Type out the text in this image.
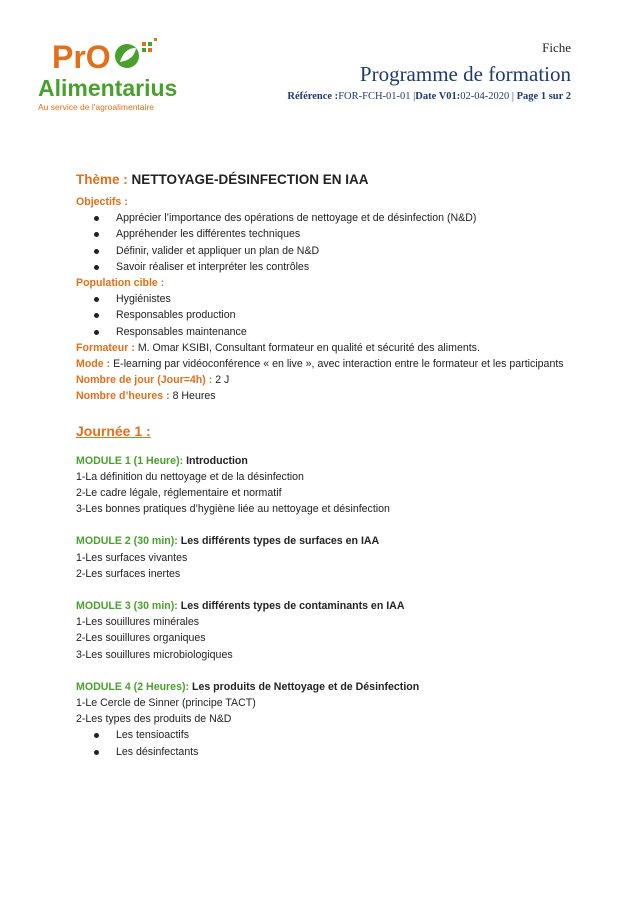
PrO
Alimentarius
Au service de l'agroalimentaire
Fiche
Programme de formation
Référence :FOR-FCH-01-01 |Date V01:02-04-2020 | Page 1 sur 2
Thème : NETTOYAGE-DÉSINFECTION EN IAA
Objectifs :
Apprécier l’importance des opérations de nettoyage et de désinfection (N&D)
Appréhender les différentes techniques
Définir, valider et appliquer un plan de N&D
Savoir réaliser et interpréter les contrôles
Population cible :
Hygiénistes
Responsables production
Responsables maintenance
Formateur : M. Omar KSIBI, Consultant formateur en qualité et sécurité des aliments.
Mode : E-learning par vidéoconférence « en live », avec interaction entre le formateur et les participants
Nombre de jour (Jour=4h) : 2 J
Nombre d’heures : 8 Heures
Journée 1 :
MODULE 1 (1 Heure): Introduction
1-La définition du nettoyage et de la désinfection
2-Le cadre légale, réglementaire et normatif
3-Les bonnes pratiques d’hygiène liée au nettoyage et désinfection
MODULE 2 (30 min): Les différents types de surfaces en IAA
1-Les surfaces vivantes
2-Les surfaces inertes
MODULE 3 (30 min): Les différents types de contaminants en IAA
1-Les souillures minérales
2-Les souillures organiques
3-Les souillures microbiologiques
MODULE 4 (2 Heures): Les produits de Nettoyage et de Désinfection
1-Le Cercle de Sinner (principe TACT)
2-Les types des produits de N&D
Les tensioactifs
Les désinfectants
